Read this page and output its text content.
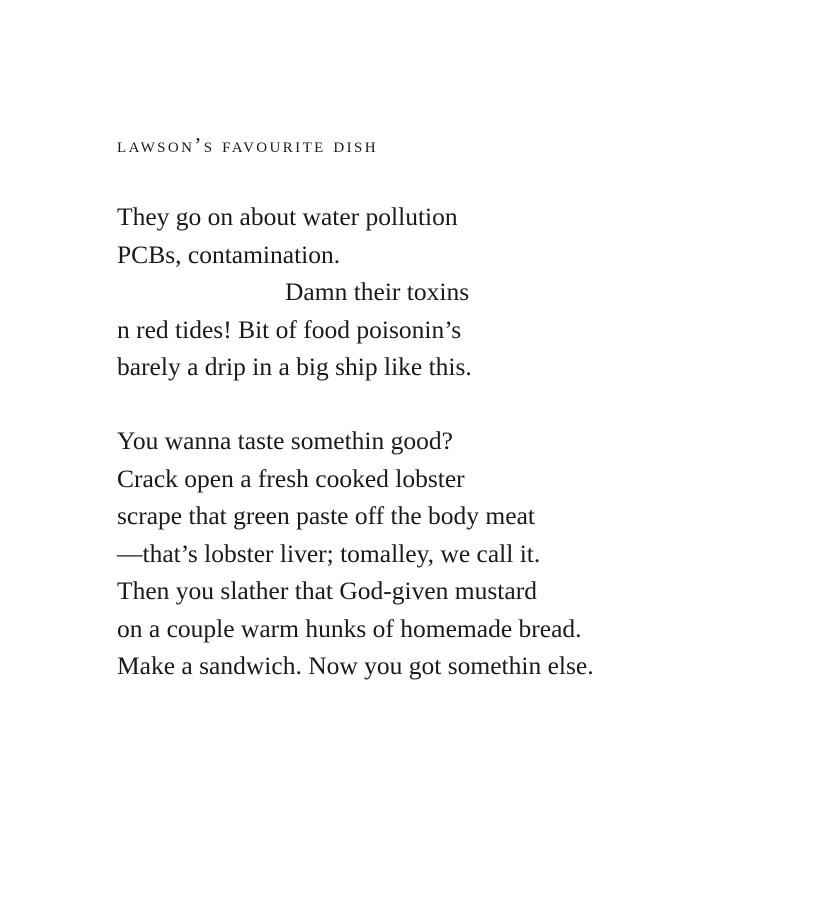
lawson’s favourite dish
They go on about water pollution
PCBs, contamination.
Damn their toxins
n red tides! Bit of food poisonin’s
barely a drip in a big ship like this.
You wanna taste somethin good?
Crack open a fresh cooked lobster
scrape that green paste off the body meat
—that’s lobster liver; tomalley, we call it.
Then you slather that God-given mustard
on a couple warm hunks of homemade bread.
Make a sandwich. Now you got somethin else.
